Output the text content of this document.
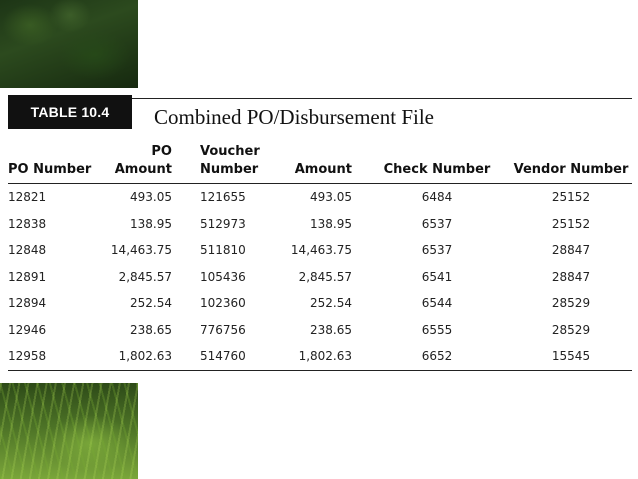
TABLE 10.4	Combined PO/Disbursement File
PO Number	PO Amount	Voucher
Number	Amount	Check Number	Vendor Number
12821	493.05	121655	493.05	6484	25152
12838	138.95	512973	138.95	6537	25152
12848	14,463.75	511810	14,463.75	6537	28847
12891	2,845.57	105436	2,845.57	6541	28847
12894	252.54	102360	252.54	6544	28529
12946	238.65	776756	238.65	6555	28529
12958	1,802.63	514760	1,802.63	6652	15545
